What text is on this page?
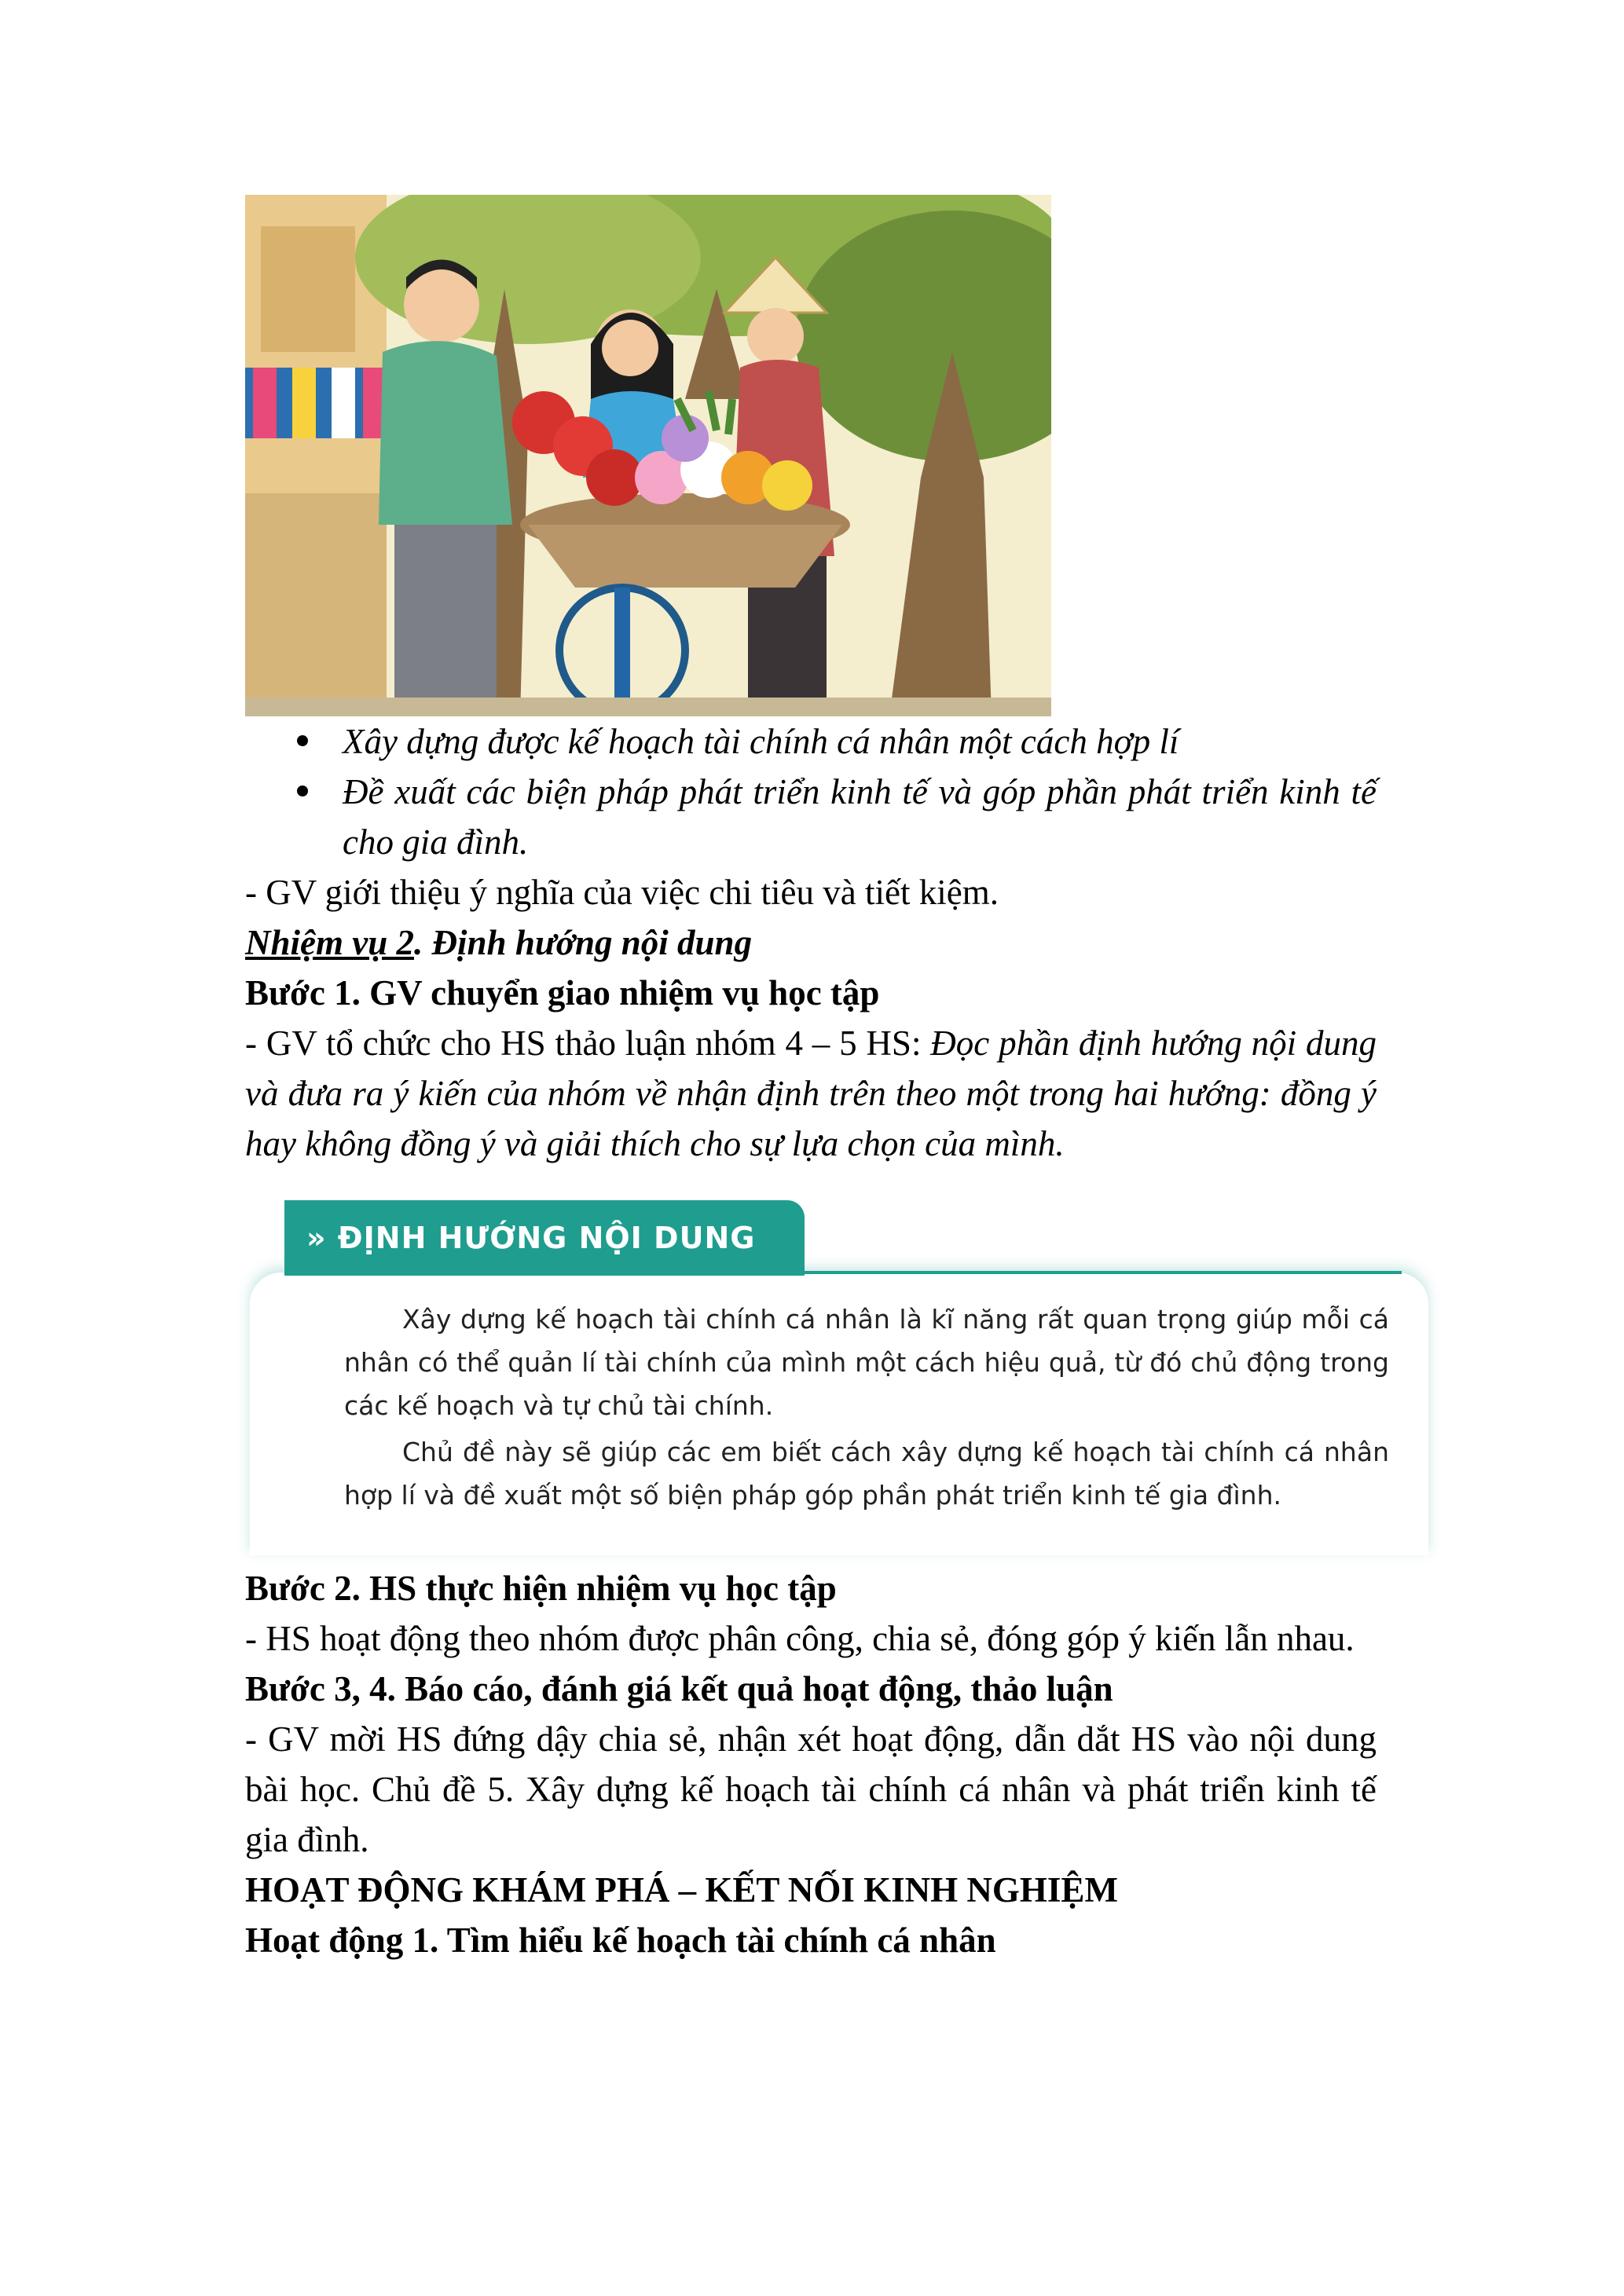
Xây dựng được kế hoạch tài chính cá nhân một cách hợp lí
Đề xuất các biện pháp phát triển kinh tế và góp phần phát triển kinh tế cho gia đình.

- GV giới thiệu ý nghĩa của việc chi tiêu và tiết kiệm.

Nhiệm vụ 2. Định hướng nội dung

Bước 1. GV chuyển giao nhiệm vụ học tập

- GV tổ chức cho HS thảo luận nhóm 4 – 5 HS: Đọc phần định hướng nội dung và đưa ra ý kiến của nhóm về nhận định trên theo một trong hai hướng: đồng ý hay không đồng ý và giải thích cho sự lựa chọn của mình.

» ĐỊNH HƯỚNG NỘI DUNG

Xây dựng kế hoạch tài chính cá nhân là kĩ năng rất quan trọng giúp mỗi cá nhân có thể quản lí tài chính của mình một cách hiệu quả, từ đó chủ động trong các kế hoạch và tự chủ tài chính.

Chủ đề này sẽ giúp các em biết cách xây dựng kế hoạch tài chính cá nhân hợp lí và đề xuất một số biện pháp góp phần phát triển kinh tế gia đình.

Bước 2. HS thực hiện nhiệm vụ học tập

- HS hoạt động theo nhóm được phân công, chia sẻ, đóng góp ý kiến lẫn nhau.

Bước 3, 4. Báo cáo, đánh giá kết quả hoạt động, thảo luận

- GV mời HS đứng dậy chia sẻ, nhận xét hoạt động, dẫn dắt HS vào nội dung bài học. Chủ đề 5. Xây dựng kế hoạch tài chính cá nhân và phát triển kinh tế gia đình.

HOẠT ĐỘNG KHÁM PHÁ – KẾT NỐI KINH NGHIỆM

Hoạt động 1. Tìm hiểu kế hoạch tài chính cá nhân
